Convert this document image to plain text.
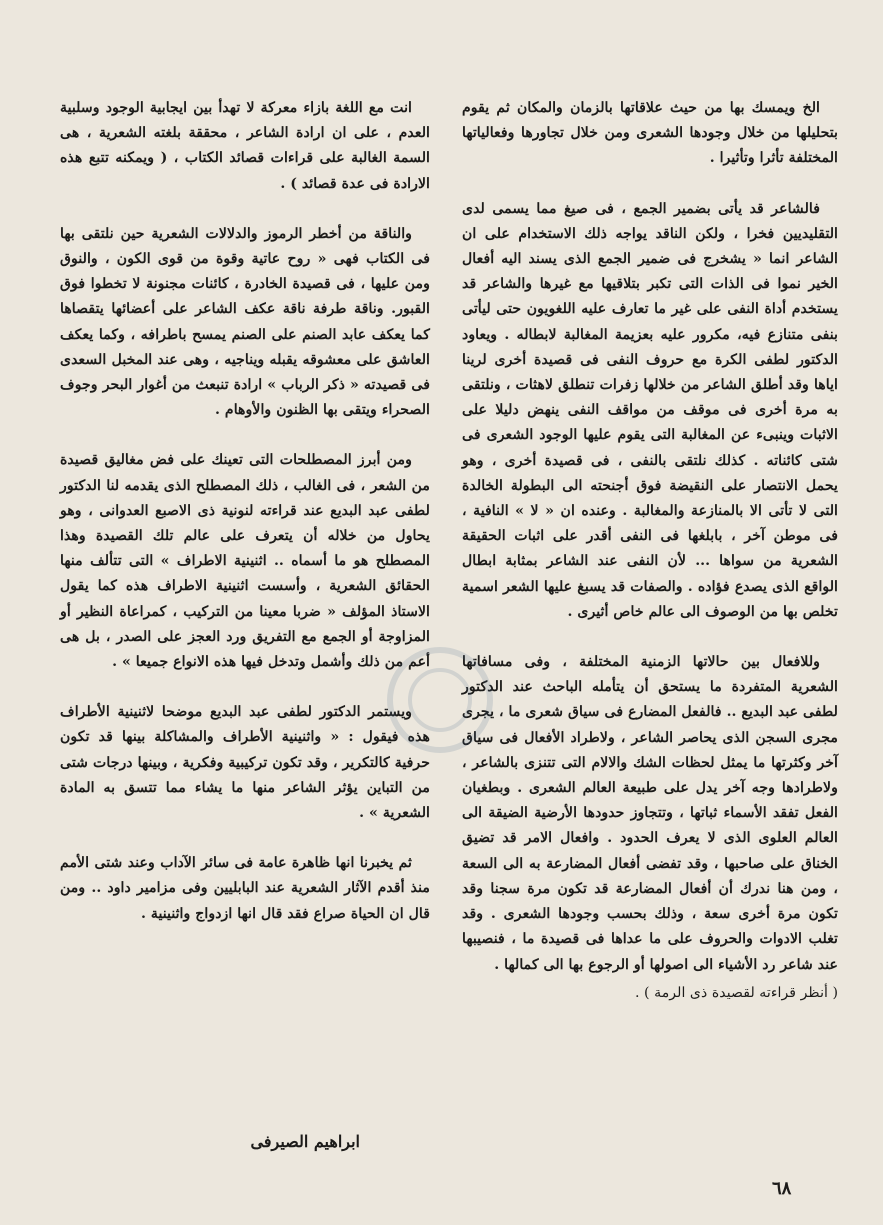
الخ ويمسك بها من حيث علاقاتها بالزمان والمكان ثم يقوم بتحليلها من خلال وجودها الشعرى ومن خلال تجاورها وفعالياتها المختلفة تأثرا وتأثيرا .

فالشاعر قد يأتى بضمير الجمع ، فى صيغ مما يسمى لدى التقليديين فخرا ، ولكن الناقد يواجه ذلك الاستخدام على ان الشاعر انما « يشخرج فى ضمير الجمع الذى يسند اليه أفعال الخير نموا فى الذات التى تكبر بتلاقيها مع غيرها والشاعر قد يستخدم أداة النفى على غير ما تعارف عليه اللغويون حتى ليأتى بنفى متنازع فيه، مكرور عليه بعزيمة المغالبة لابطاله . ويعاود الدكتور لطفى الكرة مع حروف النفى فى قصيدة أخرى لرينا اياها وقد أطلق الشاعر من خلالها زفرات تنطلق لاهثات ، ونلتقى به مرة أخرى فى موقف من مواقف النفى ينهض دليلا على الاثبات وينبىء عن المغالبة التى يقوم عليها الوجود الشعرى فى شتى كائناته . كذلك نلتقى بالنفى ، فى قصيدة أخرى ، وهو يحمل الانتصار على النقيضة فوق أجنحته الى البطولة الخالدة التى لا تأتى الا بالمنازعة والمغالبة . وعنده ان « لا » النافية ، فى موطن آخر ، بابلغها فى النفى أقدر على اثبات الحقيقة الشعرية من سواها ... لأن النفى عند الشاعر بمثابة ابطال الواقع الذى يصدع فؤاده . والصفات قد يسبغ عليها الشعر اسمية تخلص بها من الوصوف الى عالم خاص أثيرى .

وللافعال بين حالاتها الزمنية المختلفة ، وفى مسافاتها الشعرية المتفردة ما يستحق أن يتأمله الباحث عند الدكتور لطفى عبد البديع .. فالفعل المضارع فى سياق شعرى ما ، يجرى مجرى السجن الذى يحاصر الشاعر ، ولاطراد الأفعال فى سياق آخر وكثرتها ما يمثل لحظات الشك والالام التى تتنزى بالشاعر ، ولاطرادها وجه آخر يدل على طبيعة العالم الشعرى . وبطغيان الفعل تفقد الأسماء ثباتها ، وتتجاوز حدودها الأرضية الضيقة الى العالم العلوى الذى لا يعرف الحدود . وافعال الامر قد تضيق الخناق على صاحبها ، وقد تفضى أفعال المضارعة به الى السعة ، ومن هنا ندرك أن أفعال المضارعة قد تكون مرة سجنا وقد تكون مرة أخرى سعة ، وذلك بحسب وجودها الشعرى . وقد تغلب الادوات والحروف على ما عداها فى قصيدة ما ، فنصيبها عند شاعر رد الأشياء الى اصولها أو الرجوع بها الى كمالها .

( أنظر قراءته لقصيدة ذى الرمة ) .

انت مع اللغة بازاء معركة لا تهدأ بين ايجابية الوجود وسلبية العدم ، على ان ارادة الشاعر ، محققة بلغته الشعرية ، هى السمة الغالبة على قراءات قصائد الكتاب ، ( ويمكنه تتبع هذه الارادة فى عدة قصائد ) .

والناقة من أخطر الرموز والدلالات الشعرية حين نلتقى بها فى الكتاب فهى « روح عاتية وقوة من قوى الكون ، والنوق ومن عليها ، فى قصيدة الخادرة ، كائنات مجنونة لا تخطوا فوق القبور. وناقة طرفة ناقة عكف الشاعر على أعضائها يتقصاها كما يعكف عابد الصنم على الصنم يمسح باطرافه ، وكما يعكف العاشق على معشوقه يقبله ويناجيه ، وهى عند المخبل السعدى فى قصيدته « ذكر الرباب » ارادة تنبعث من أغوار البحر وجوف الصحراء ويتقى بها الظنون والأوهام .

ومن أبرز المصطلحات التى تعينك على فض مغاليق قصيدة من الشعر ، فى الغالب ، ذلك المصطلح الذى يقدمه لنا الدكتور لطفى عبد البديع عند قراءته لنونية ذى الاصبع العدوانى ، وهو يحاول من خلاله أن يتعرف على عالم تلك القصيدة وهذا المصطلح هو ما أسماه .. اثنينية الاطراف » التى تتألف منها الحقائق الشعرية ، وأسست اثنينية الاطراف هذه كما يقول الاستاذ المؤلف « ضربا معينا من التركيب ، كمراعاة النظير أو المزاوجة أو الجمع مع التفريق ورد العجز على الصدر ، بل هى أعم من ذلك وأشمل وتدخل فيها هذه الانواع جميعا » .

ويستمر الدكتور لطفى عبد البديع موضحا لاثنينية الأطراف هذه فيقول : « واثنينية الأطراف والمشاكلة بينها قد تكون حرفية كالتكرير ، وقد تكون تركيبية وفكرية ، وبينها درجات شتى من التباين يؤثر الشاعر منها ما يشاء مما تتسق به المادة الشعرية » .

ثم يخبرنا انها ظاهرة عامة فى سائر الآداب وعند شتى الأمم منذ أقدم الآثار الشعرية عند البابليين وفى مزامير داود .. ومن قال ان الحياة صراع فقد قال انها ازدواج واثنينية .

ابراهيم الصيرفى
٦٨
